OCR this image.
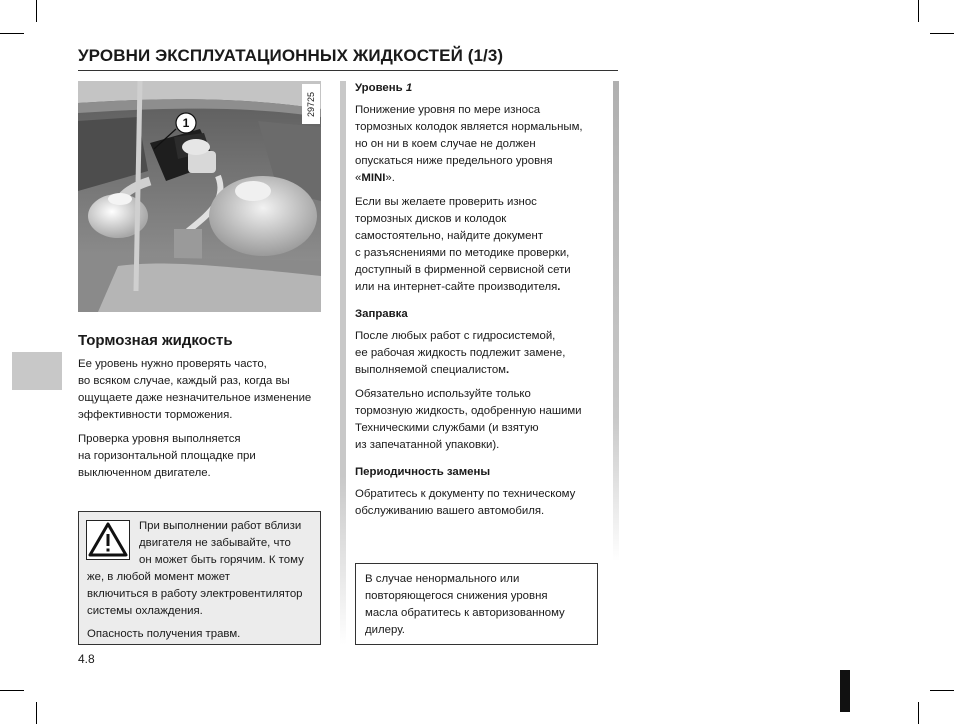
УРОВНИ ЭКСПЛУАТАЦИОННЫХ ЖИДКОСТЕЙ (1/3)
1
29725
Тормозная жидкость

Ее уровень нужно проверять часто,
во всяком случае, каждый раз, когда вы
ощущаете даже незначительное изменение
эффективности торможения.

Проверка уровня выполняется
на горизонтальной площадке при
выключенном двигателе.

При выполнении работ вблизи
двигателя не забывайте, что
он может быть горячим. К тому
же, в любой момент может
включиться в работу электровентилятор
системы охлаждения.
Опасность получения травм.
Уровень 1

Понижение уровня по мере износа
тормозных колодок является нормальным,
но он ни в коем случае не должен
опускаться ниже предельного уровня
«MINI».

Если вы желаете проверить износ
тормозных дисков и колодок
самостоятельно, найдите документ
с разъяснениями по методике проверки,
доступный в фирменной сервисной сети
или на интернет-сайте производителя.

Заправка

После любых работ с гидросистемой,
ее рабочая жидкость подлежит замене,
выполняемой специалистом.

Обязательно используйте только
тормозную жидкость, одобренную нашими
Техническими службами (и взятую
из запечатанной упаковки).

Периодичность замены

Обратитесь к документу по техническому
обслуживанию вашего автомобиля.

В случае ненормального или
повторяющегося снижения уровня
масла обратитесь к авторизованному
дилеру.
4.8
